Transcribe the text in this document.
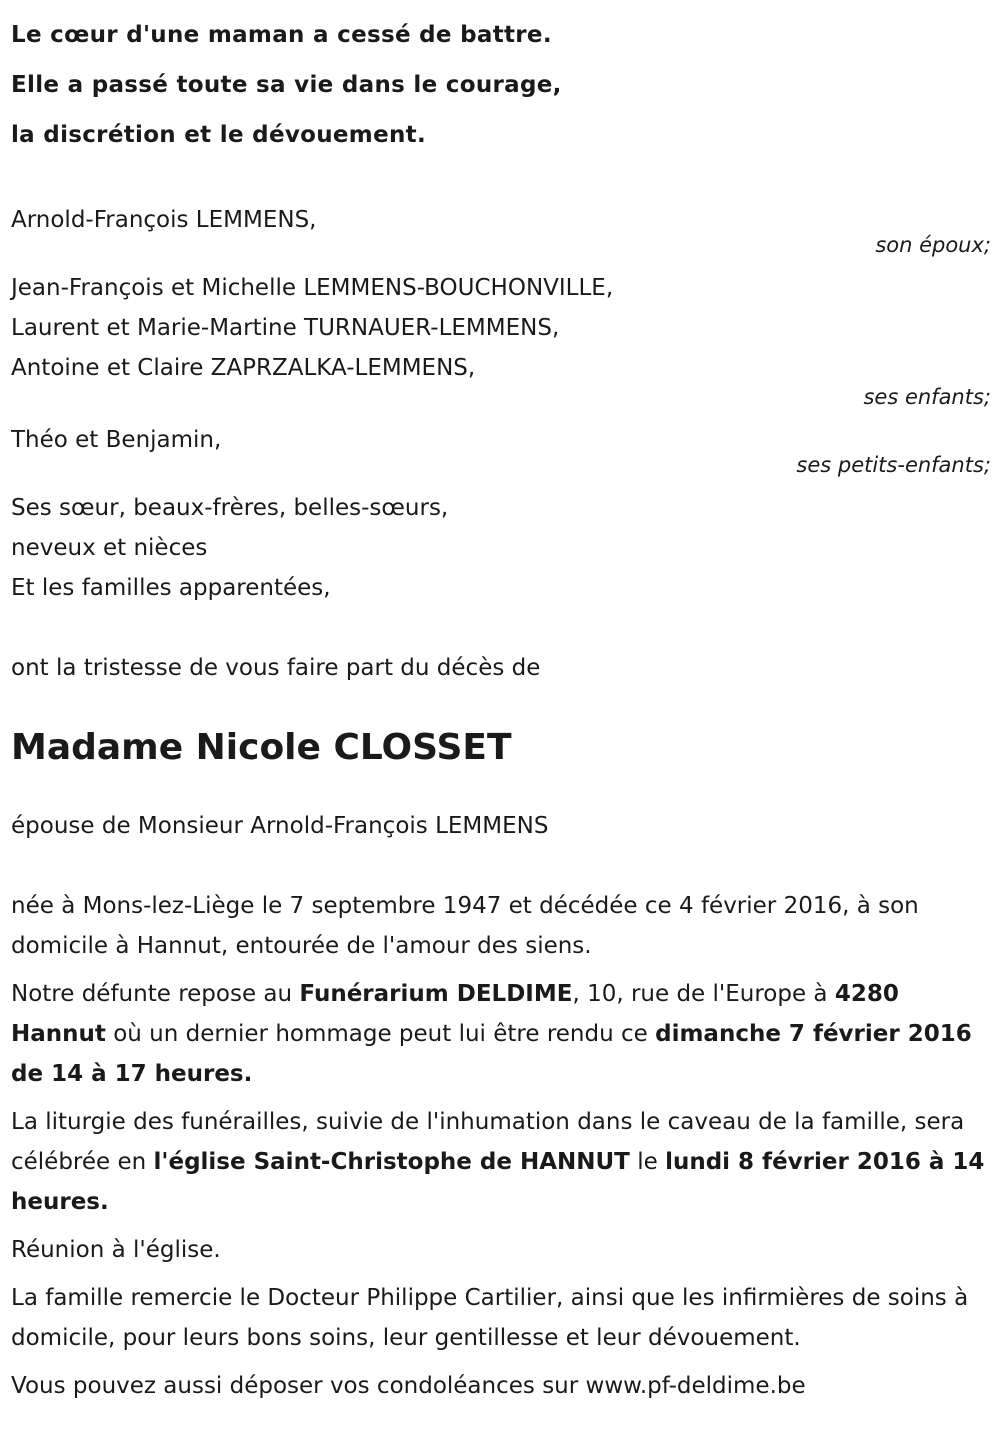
Le cœur d'une maman a cessé de battre.

Elle a passé toute sa vie dans le courage,

la discrétion et le dévouement.

Arnold-François LEMMENS,
son époux;
Jean-François et Michelle LEMMENS-BOUCHONVILLE,
Laurent et Marie-Martine TURNAUER-LEMMENS,
Antoine et Claire ZAPRZALKA-LEMMENS,
ses enfants;
Théo et Benjamin,
ses petits-enfants;
Ses sœur, beaux-frères, belles-sœurs,
neveux et nièces
Et les familles apparentées,

ont la tristesse de vous faire part du décès de

Madame Nicole CLOSSET

épouse de Monsieur Arnold-François LEMMENS

née à Mons-lez-Liège le 7 septembre 1947 et décédée ce 4 février 2016, à son domicile à Hannut, entourée de l'amour des siens.

Notre défunte repose au Funérarium DELDIME, 10, rue de l'Europe à 4280 Hannut où un dernier hommage peut lui être rendu ce dimanche 7 février 2016 de 14 à 17 heures.

La liturgie des funérailles, suivie de l'inhumation dans le caveau de la famille, sera célébrée en l'église Saint-Christophe de HANNUT le lundi 8 février 2016 à 14 heures.

Réunion à l'église.

La famille remercie le Docteur Philippe Cartilier, ainsi que les infirmières de soins à domicile, pour leurs bons soins, leur gentillesse et leur dévouement.

Vous pouvez aussi déposer vos condoléances sur www.pf-deldime.be
